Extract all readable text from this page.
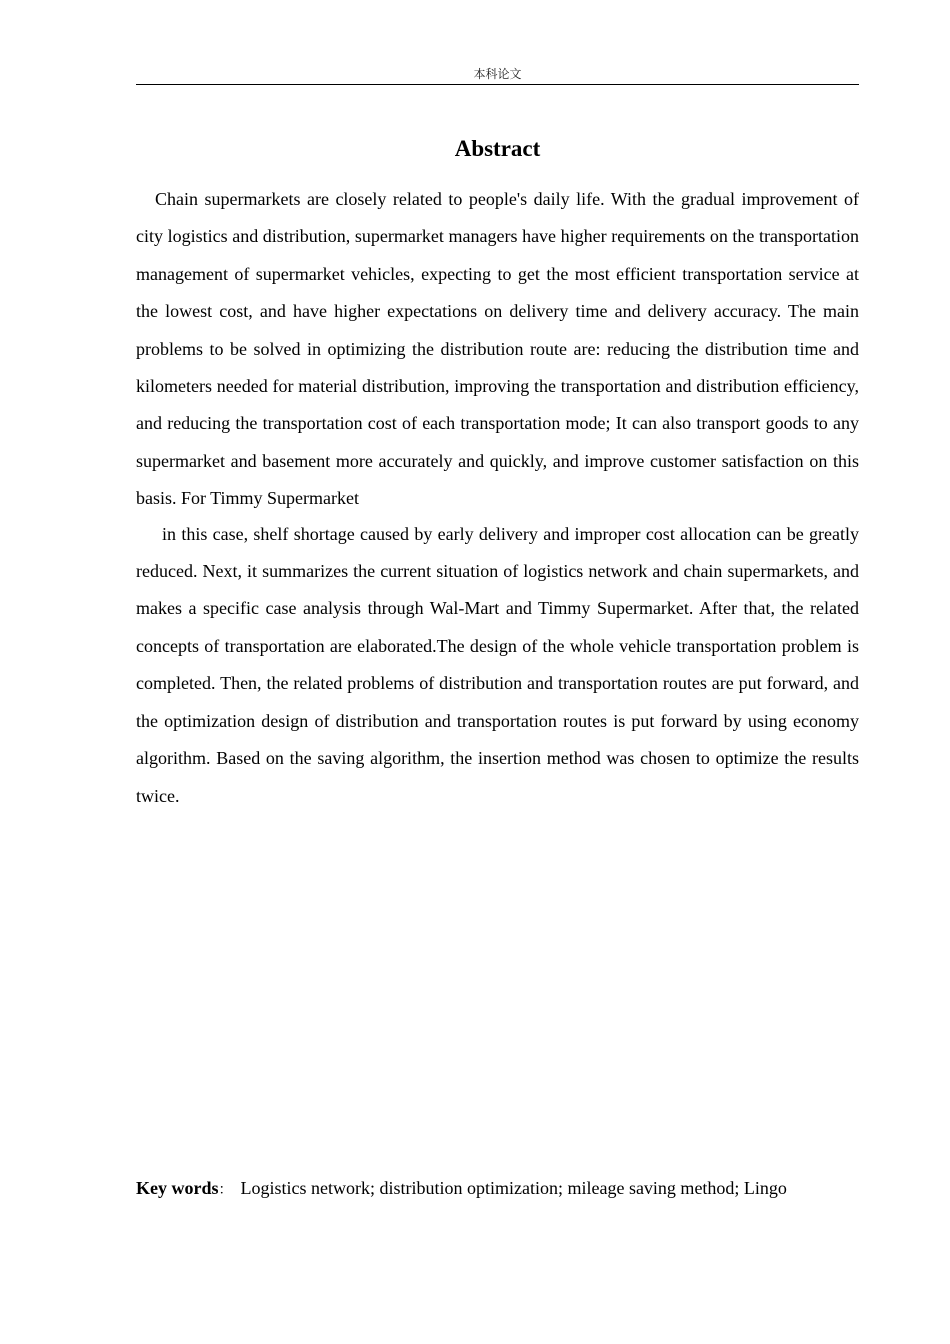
本科论文
Abstract

Chain supermarkets are closely related to people's daily life. With the gradual improvement of city logistics and distribution, supermarket managers have higher requirements on the transportation management of supermarket vehicles, expecting to get the most efficient transportation service at the lowest cost, and have higher expectations on delivery time and delivery accuracy. The main problems to be solved in optimizing the distribution route are: reducing the distribution time and kilometers needed for material distribution, improving the transportation and distribution efficiency, and reducing the transportation cost of each transportation mode; It can also transport goods to any supermarket and basement more accurately and quickly, and improve customer satisfaction on this basis. For Timmy Supermarket

in this case, shelf shortage caused by early delivery and improper cost allocation can be greatly reduced. Next, it summarizes the current situation of logistics network and chain supermarkets, and makes a specific case analysis through Wal-Mart and Timmy Supermarket. After that, the related concepts of transportation are elaborated.The design of the whole vehicle transportation problem is completed. Then, the related problems of distribution and transportation routes are put forward, and the optimization design of distribution and transportation routes is put forward by using economy algorithm. Based on the saving algorithm, the insertion method was chosen to optimize the results twice.

Key words： Logistics network; distribution optimization; mileage saving method; Lingo
